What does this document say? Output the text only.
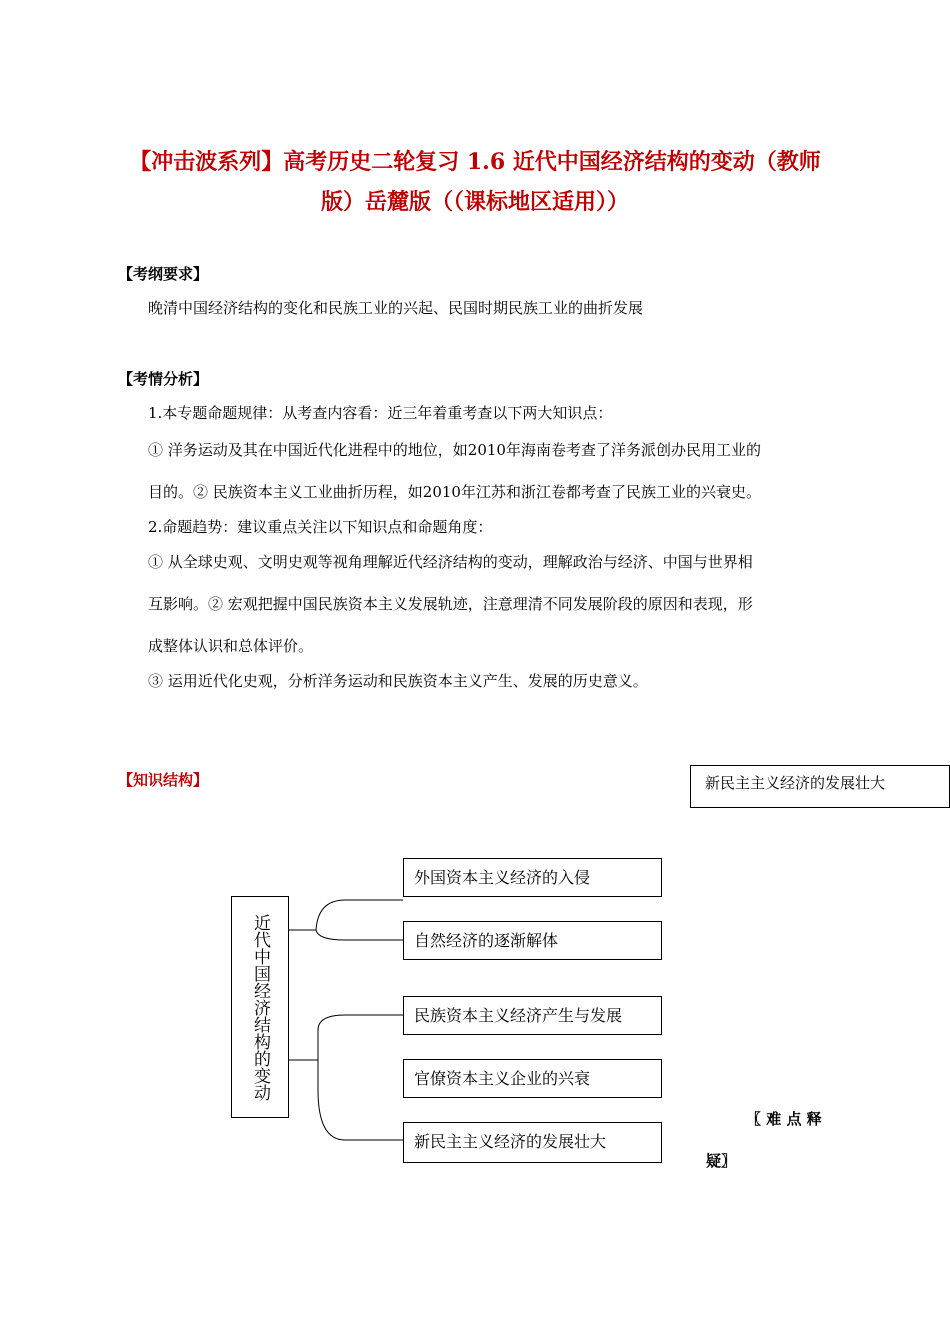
【冲击波系列】高考历史二轮复习 1.6 近代中国经济结构的变动（教师
版）岳麓版（（课标地区适用））
【考纲要求】
晚清中国经济结构的变化和民族工业的兴起、民国时期民族工业的曲折发展
【考情分析】
1.本专题命题规律：从考查内容看：近三年着重考查以下两大知识点：
① 洋务运动及其在中国近代化进程中的地位，如2010年海南卷考查了洋务派创办民用工业的
目的。② 民族资本主义工业曲折历程，如2010年江苏和浙江卷都考查了民族工业的兴衰史。
2.命题趋势：建议重点关注以下知识点和命题角度：
① 从全球史观、文明史观等视角理解近代经济结构的变动，理解政治与经济、中国与世界相
互影响。② 宏观把握中国民族资本主义发展轨迹，注意理清不同发展阶段的原因和表现，形
成整体认识和总体评价。
③ 运用近代化史观，分析洋务运动和民族资本主义产生、发展的历史意义。
【知识结构】	新民主主义经济的发展壮大
近代中国经济结构的变动
外国资本主义经济的入侵
自然经济的逐渐解体
民族资本主义经济产生与发展
官僚资本主义企业的兴衰
新民主主义经济的发展壮大
〖 难 点 释
疑〗
